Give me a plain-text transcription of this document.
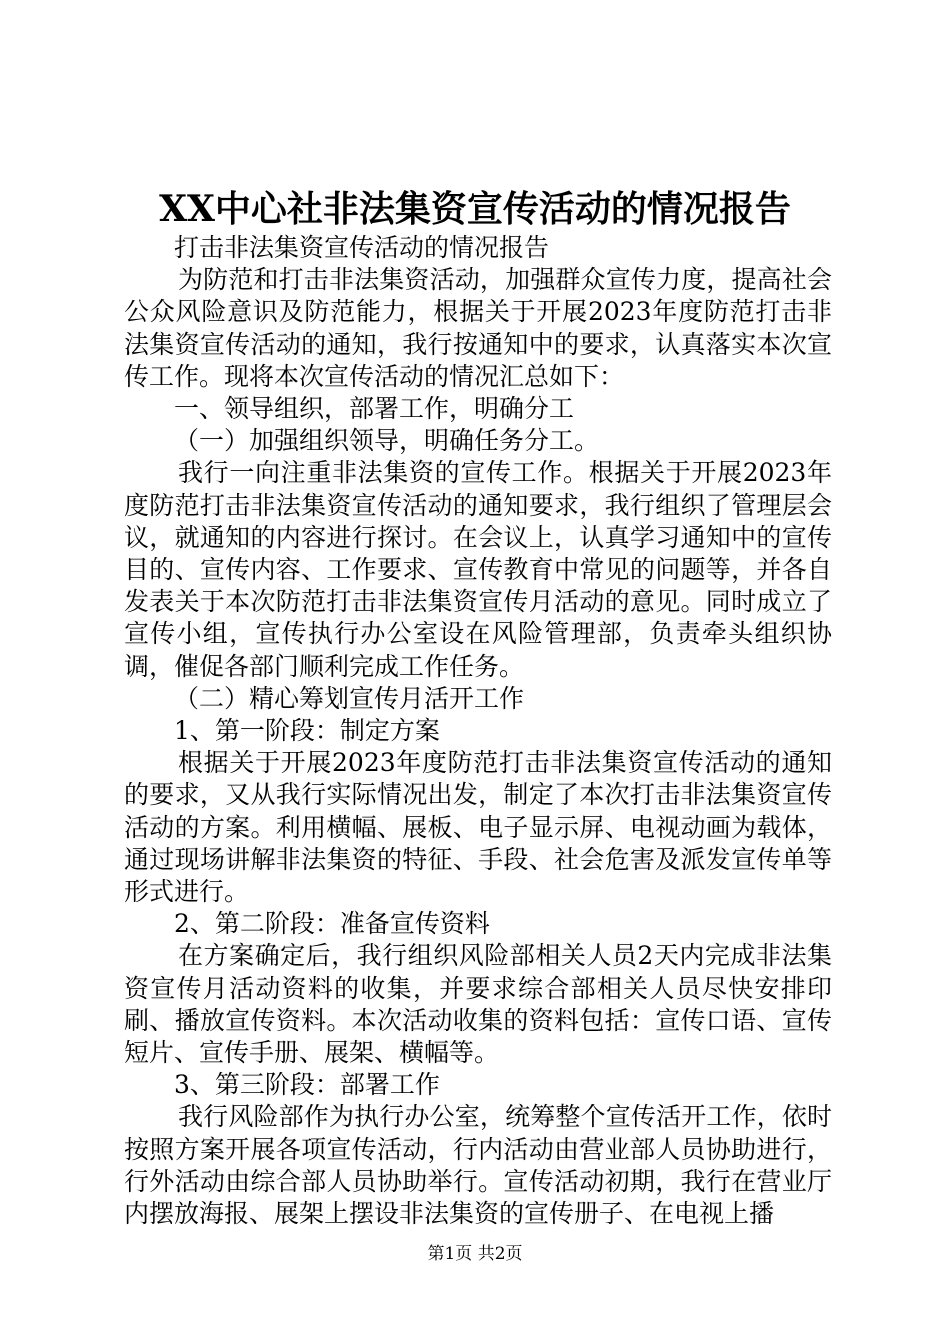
XX中心社非法集资宣传活动的情况报告

打击非法集资宣传活动的情况报告

为防范和打击非法集资活动，加强群众宣传力度，提高社会公众风险意识及防范能力，根据关于开展2023年度防范打击非法集资宣传活动的通知，我行按通知中的要求，认真落实本次宣传工作。现将本次宣传活动的情况汇总如下：

一、领导组织，部署工作，明确分工

（一）加强组织领导，明确任务分工。

我行一向注重非法集资的宣传工作。根据关于开展2023年度防范打击非法集资宣传活动的通知要求，我行组织了管理层会议，就通知的内容进行探讨。在会议上，认真学习通知中的宣传目的、宣传内容、工作要求、宣传教育中常见的问题等，并各自发表关于本次防范打击非法集资宣传月活动的意见。同时成立了宣传小组，宣传执行办公室设在风险管理部，负责牵头组织协调，催促各部门顺利完成工作任务。

（二）精心筹划宣传月活开工作

1、第一阶段：制定方案

根据关于开展2023年度防范打击非法集资宣传活动的通知的要求，又从我行实际情况出发，制定了本次打击非法集资宣传活动的方案。利用横幅、展板、电子显示屏、电视动画为载体，通过现场讲解非法集资的特征、手段、社会危害及派发宣传单等形式进行。

2、第二阶段：准备宣传资料

在方案确定后，我行组织风险部相关人员2天内完成非法集资宣传月活动资料的收集，并要求综合部相关人员尽快安排印刷、播放宣传资料。本次活动收集的资料包括：宣传口语、宣传短片、宣传手册、展架、横幅等。

3、第三阶段：部署工作

我行风险部作为执行办公室，统筹整个宣传活开工作，依时按照方案开展各项宣传活动，行内活动由营业部人员协助进行，行外活动由综合部人员协助举行。宣传活动初期，我行在营业厅内摆放海报、展架上摆设非法集资的宣传册子、在电视上播

第1页 共2页
